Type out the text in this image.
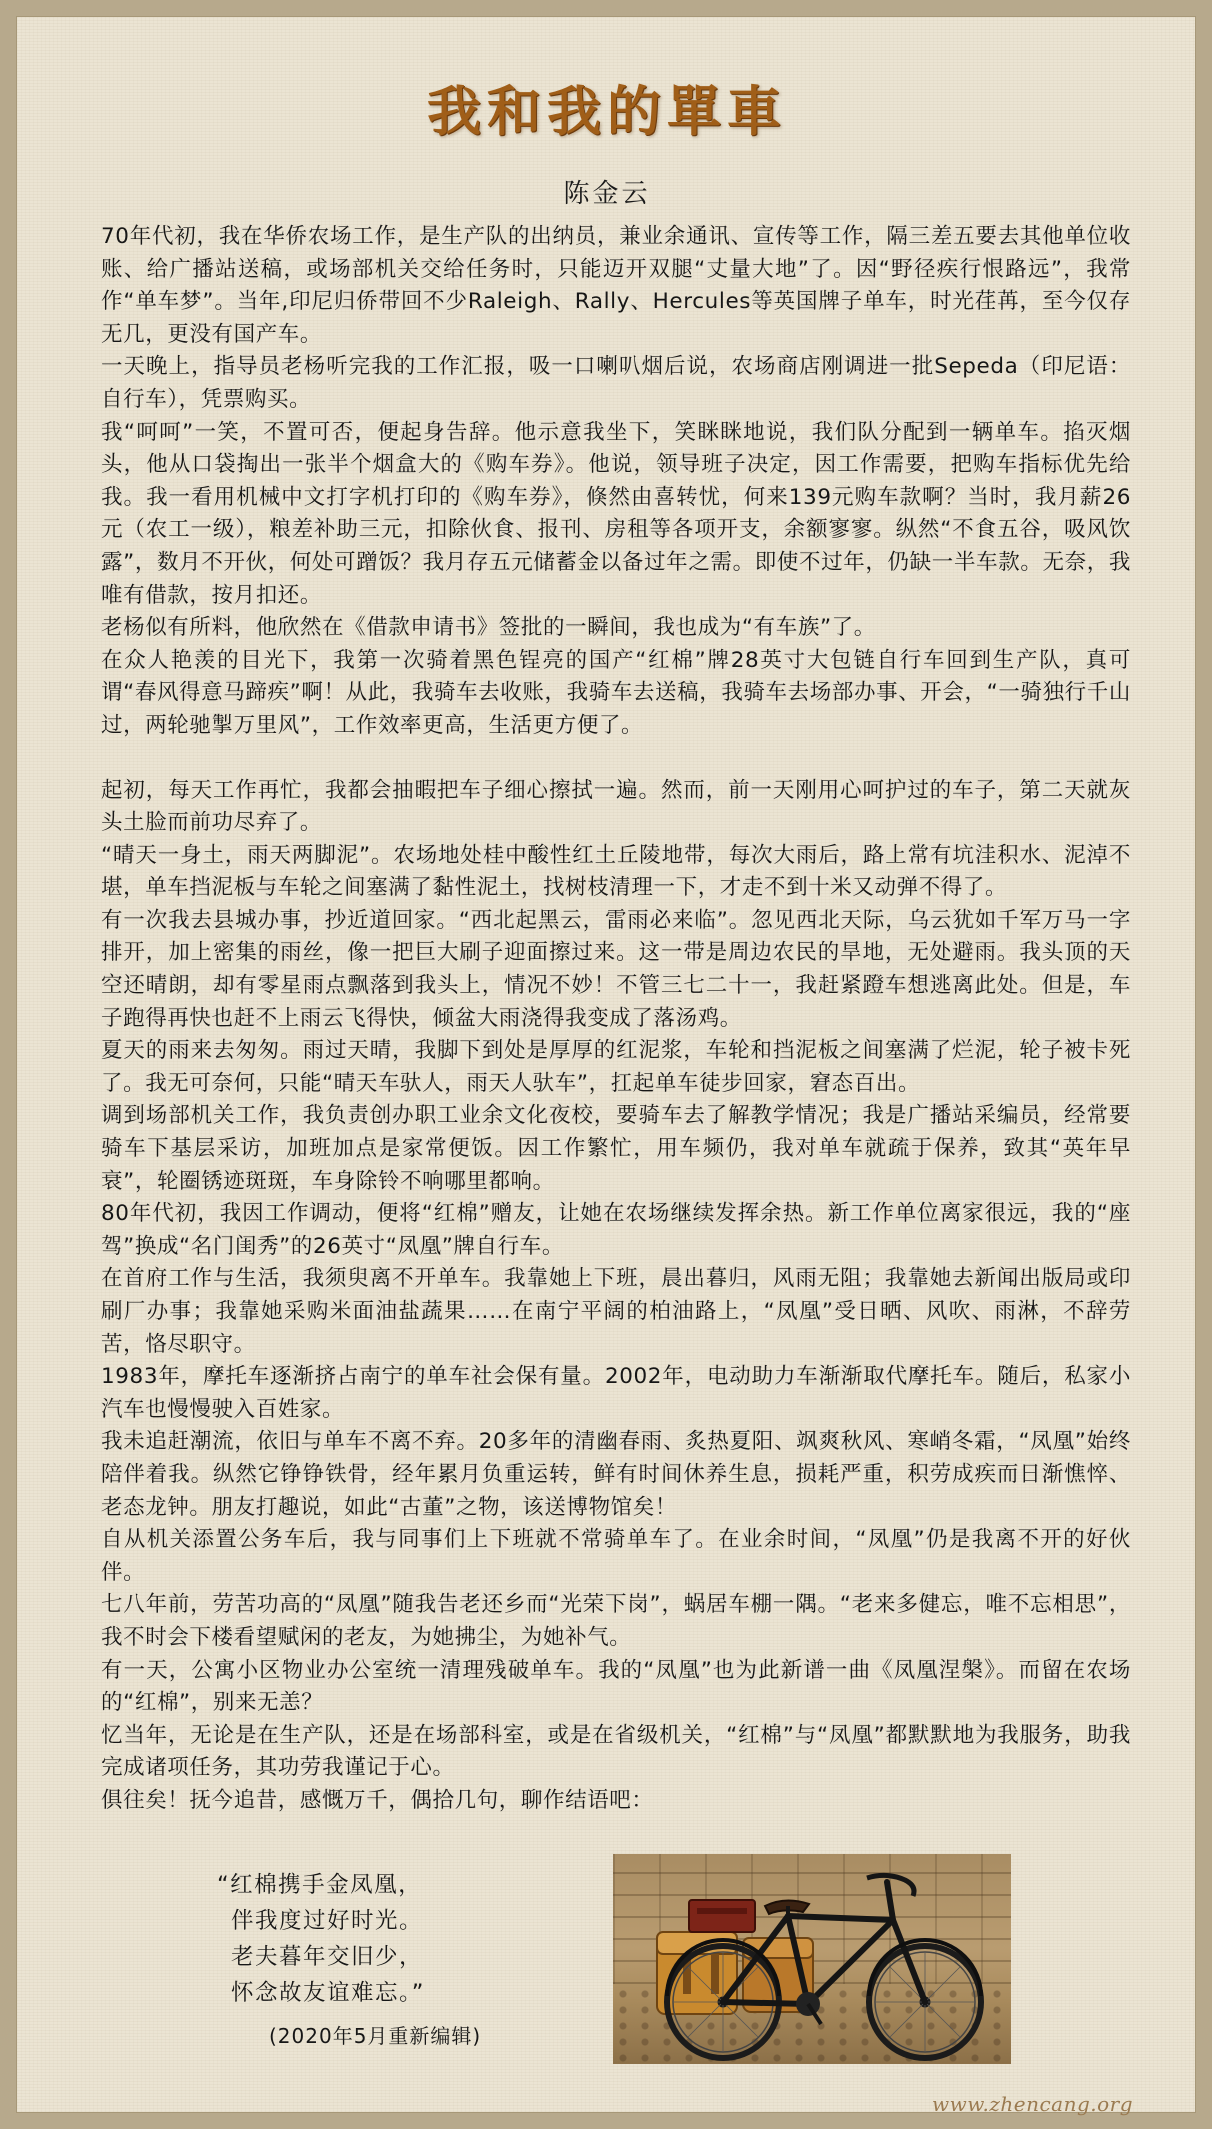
我和我的單車
陈金云

70年代初，我在华侨农场工作，是生产队的出纳员，兼业余通讯、宣传等工作，隔三差五要去其他单位收账、给广播站送稿，或场部机关交给任务时，只能迈开双腿“丈量大地”了。因“野径疾行恨路远”，我常作“单车梦”。当年,印尼归侨带回不少Raleigh、Rally、Hercules等英国牌子单车，时光荏苒，至今仅存无几，更没有国产车。

一天晚上，指导员老杨听完我的工作汇报，吸一口喇叭烟后说，农场商店刚调进一批Sepeda（印尼语：自行车），凭票购买。

我“呵呵”一笑，不置可否，便起身告辞。他示意我坐下，笑眯眯地说，我们队分配到一辆单车。掐灭烟头，他从口袋掏出一张半个烟盒大的《购车券》。他说，领导班子决定，因工作需要，把购车指标优先给我。我一看用机械中文打字机打印的《购车券》，倏然由喜转忧，何来139元购车款啊？当时，我月薪26元（农工一级），粮差补助三元，扣除伙食、报刊、房租等各项开支，余额寥寥。纵然“不食五谷，吸风饮露”，数月不开伙，何处可蹭饭？我月存五元储蓄金以备过年之需。即使不过年，仍缺一半车款。无奈，我唯有借款，按月扣还。

老杨似有所料，他欣然在《借款申请书》签批的一瞬间，我也成为“有车族”了。

在众人艳羡的目光下，我第一次骑着黑色锃亮的国产“红棉”牌28英寸大包链自行车回到生产队，真可谓“春风得意马蹄疾”啊！从此，我骑车去收账，我骑车去送稿，我骑车去场部办事、开会，“一骑独行千山过，两轮驰掣万里风”，工作效率更高，生活更方便了。

起初，每天工作再忙，我都会抽暇把车子细心擦拭一遍。然而，前一天刚用心呵护过的车子，第二天就灰头土脸而前功尽弃了。

“晴天一身土，雨天两脚泥”。农场地处桂中酸性红土丘陵地带，每次大雨后，路上常有坑洼积水、泥淖不堪，单车挡泥板与车轮之间塞满了黏性泥土，找树枝清理一下，才走不到十米又动弹不得了。

有一次我去县城办事，抄近道回家。“西北起黑云，雷雨必来临”。忽见西北天际，乌云犹如千军万马一字排开，加上密集的雨丝，像一把巨大刷子迎面擦过来。这一带是周边农民的旱地，无处避雨。我头顶的天空还晴朗，却有零星雨点飘落到我头上，情况不妙！不管三七二十一，我赶紧蹬车想逃离此处。但是，车子跑得再快也赶不上雨云飞得快，倾盆大雨浇得我变成了落汤鸡。

夏天的雨来去匆匆。雨过天晴，我脚下到处是厚厚的红泥浆，车轮和挡泥板之间塞满了烂泥，轮子被卡死了。我无可奈何，只能“晴天车驮人，雨天人驮车”，扛起单车徒步回家，窘态百出。

调到场部机关工作，我负责创办职工业余文化夜校，要骑车去了解教学情况；我是广播站采编员，经常要骑车下基层采访，加班加点是家常便饭。因工作繁忙，用车频仍，我对单车就疏于保养，致其“英年早衰”，轮圈锈迹斑斑，车身除铃不响哪里都响。

80年代初，我因工作调动，便将“红棉”赠友，让她在农场继续发挥余热。新工作单位离家很远，我的“座驾”换成“名门闺秀”的26英寸“凤凰”牌自行车。

在首府工作与生活，我须臾离不开单车。我靠她上下班，晨出暮归，风雨无阻；我靠她去新闻出版局或印刷厂办事；我靠她采购米面油盐蔬果……在南宁平阔的柏油路上，“凤凰”受日晒、风吹、雨淋，不辞劳苦，恪尽职守。

1983年，摩托车逐渐挤占南宁的单车社会保有量。2002年，电动助力车渐渐取代摩托车。随后，私家小汽车也慢慢驶入百姓家。

我未追赶潮流，依旧与单车不离不弃。20多年的清幽春雨、炙热夏阳、飒爽秋风、寒峭冬霜，“凤凰”始终陪伴着我。纵然它铮铮铁骨，经年累月负重运转，鲜有时间休养生息，损耗严重，积劳成疾而日渐憔悴、老态龙钟。朋友打趣说，如此“古董”之物，该送博物馆矣！

自从机关添置公务车后，我与同事们上下班就不常骑单车了。在业余时间，“凤凰”仍是我离不开的好伙伴。

七八年前，劳苦功高的“凤凰”随我告老还乡而“光荣下岗”，蜗居车棚一隅。“老来多健忘，唯不忘相思”，我不时会下楼看望赋闲的老友，为她拂尘，为她补气。

有一天，公寓小区物业办公室统一清理残破单车。我的“凤凰”也为此新谱一曲《凤凰涅槃》。而留在农场的“红棉”，别来无恙？

忆当年，无论是在生产队，还是在场部科室，或是在省级机关，“红棉”与“凤凰”都默默地为我服务，助我完成诸项任务，其功劳我谨记于心。

俱往矣！抚今追昔，感慨万千，偶拾几句，聊作结语吧：

“红棉携手金凤凰，
伴我度过好时光。
老夫暮年交旧少，
怀念故友谊难忘。”
(2020年5月重新编辑)
www.zhencang.org
